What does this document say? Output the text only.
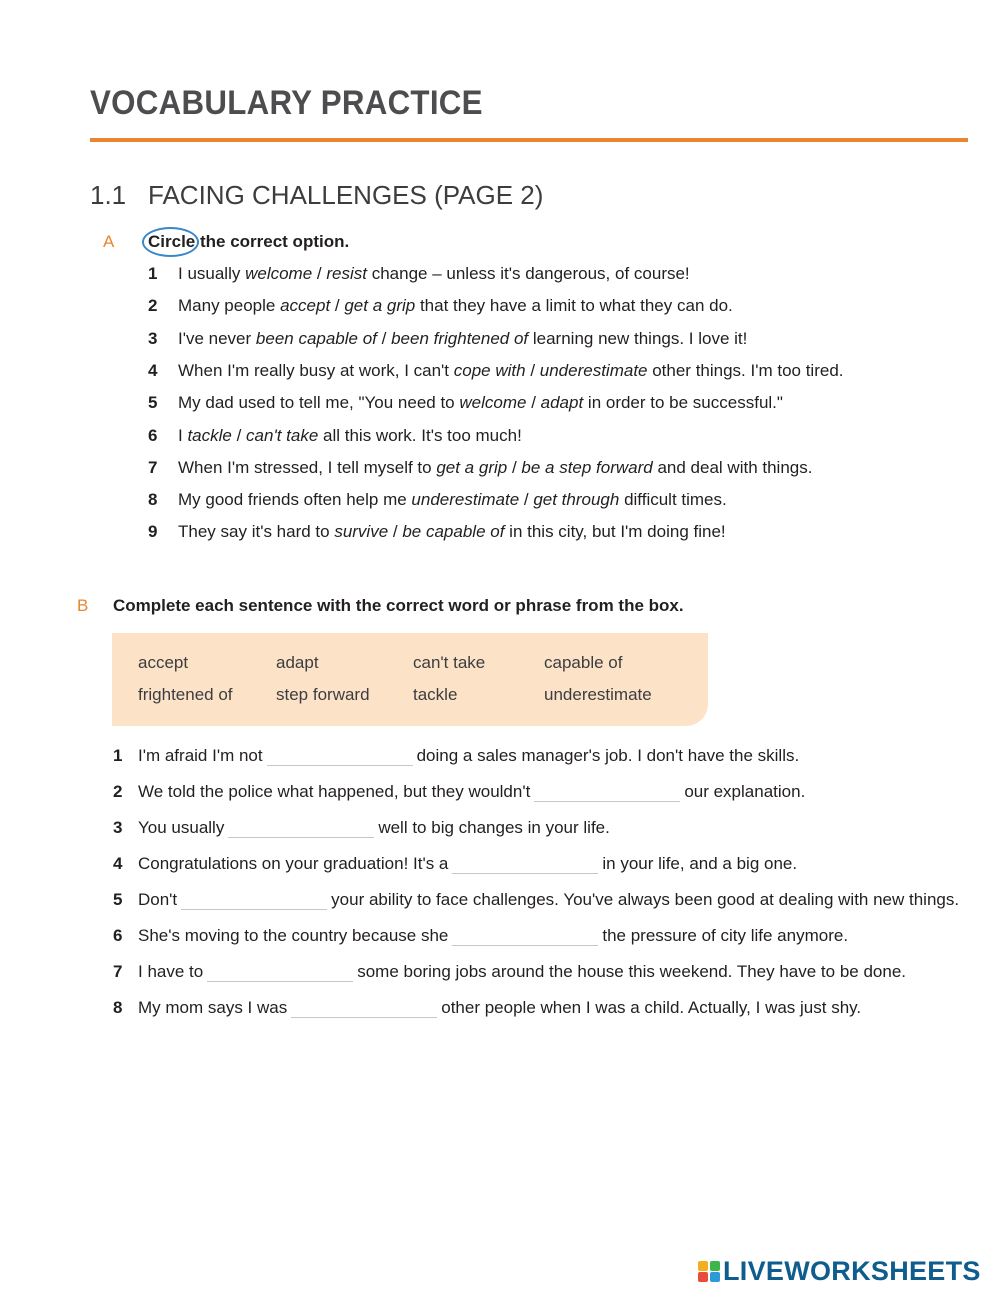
VOCABULARY PRACTICE
1.1 FACING CHALLENGES (PAGE 2)
A Circle the correct option.
1 I usually welcome / resist change – unless it's dangerous, of course!
2 Many people accept / get a grip that they have a limit to what they can do.
3 I've never been capable of / been frightened of learning new things. I love it!
4 When I'm really busy at work, I can't cope with / underestimate other things. I'm too tired.
5 My dad used to tell me, "You need to welcome / adapt in order to be successful."
6 I tackle / can't take all this work. It's too much!
7 When I'm stressed, I tell myself to get a grip / be a step forward and deal with things.
8 My good friends often help me underestimate / get through difficult times.
9 They say it's hard to survive / be capable of in this city, but I'm doing fine!
B Complete each sentence with the correct word or phrase from the box.
accept	adapt	can't take	capable of
frightened of	step forward	tackle	underestimate
1 I'm afraid I'm not	doing a sales manager's job. I don't have the skills.
2 We told the police what happened, but they wouldn't	our explanation.
3 You usually	well to big changes in your life.
4 Congratulations on your graduation! It's a	in your life, and a big one.
5 Don't	your ability to face challenges. You've always been good at dealing with new things.
6 She's moving to the country because she	the pressure of city life anymore.
7 I have to	some boring jobs around the house this weekend. They have to be done.
8 My mom says I was	other people when I was a child. Actually, I was just shy.
LIVEWORKSHEETS
